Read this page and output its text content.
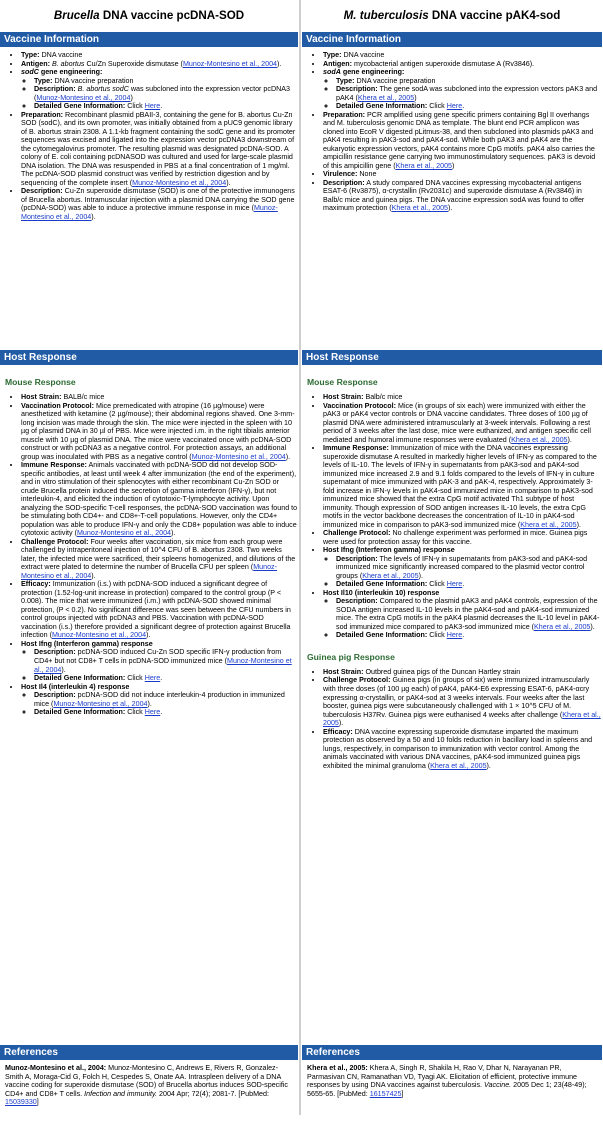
Brucella DNA vaccine pcDNA-SOD
Vaccine Information
• Type: DNA vaccine
• Antigen: B. abortus Cu/Zn Superoxide dismutase (Munoz-Montesino et al., 2004).
• sodC gene engineering:
◦ Type: DNA vaccine preparation
◦ Description: B. abortus sodC was subcloned into the expression vector pcDNA3 (Munoz-Montesino et al., 2004)
◦ Detailed Gene Information: Click Here.
• Preparation: Recombinant plasmid pBAII-3, containing the gene for B. abortus Cu-Zn SOD (sodC), and its own promoter, was initially obtained from a pUC9 genomic library of B. abortus strain 2308. A 1.1-kb fragment containing the sodC gene and its promoter sequences was excised and ligated into the expression vector pcDNA3 downstream of the cytomegalovirus promoter. The resulting plasmid was designated pcDNA-SOD. A colony of E. coli containing pcDNASOD was cultured and used for large-scale plasmid DNA isolation. The DNA was resuspended in PBS at a final concentration of 1 mg/ml. The pcDNA-SOD plasmid construct was verified by restriction digestion and by sequencing of the complete insert (Munoz-Montesino et al., 2004).
• Description: Cu-Zn superoxide dismutase (SOD) is one of the protective immunogens of Brucella abortus. Intramuscular injection with a plasmid DNA carrying the SOD gene (pcDNA-SOD) was able to induce a protective immune response in mice (Munoz-Montesino et al., 2004).
Host Response
Mouse Response
• Host Strain: BALB/c mice
• Vaccination Protocol: Mice premedicated with atropine (16 µg/mouse) were anesthetized with ketamine (2 µg/mouse); their abdominal regions shaved. One 3-mm-long incision was made through the skin. The mice were injected in the spleen with 10 µg of plasmid DNA in 30 µl of PBS. Mice were injected i.m. in the right tibialis anterior muscle with 10 µg of plasmid DNA. The mice were vaccinated once with pcDNA-SOD construct or with pcDNA3 as a negative control. For protection assays, an additional group was inoculated with PBS as a negative control (Munoz-Montesino et al., 2004).
• Immune Response: Animals vaccinated with pcDNA-SOD did not develop SOD-specific antibodies, at least until week 4 after immunization (the end of the experiment), and in vitro stimulation of their splenocytes with either recombinant Cu-Zn SOD or crude Brucella protein induced the secretion of gamma interferon (IFN-γ), but not interleukin-4, and elicited the induction of cytotoxic-T-lymphocyte activity. Upon analyzing the SOD-specific T-cell responses, the pcDNA-SOD vaccination was found to be stimulating both CD4+- and CD8+-T-cell populations. However, only the CD4+ population was able to produce IFN-γ and only the CD8+ population was able to induce cytotoxic activity (Munoz-Montesino et al., 2004).
• Challenge Protocol: Four weeks after vaccination, six mice from each group were challenged by intraperitoneal injection of 10^4 CFU of B. abortus 2308. Two weeks later, the infected mice were sacrificed, their spleens homogenized, and dilutions of the extract were plated to determine the number of Brucella CFU per spleen (Munoz-Montesino et al., 2004).
• Efficacy: Immunization (i.s.) with pcDNA-SOD induced a significant degree of protection (1.52-log-unit increase in protection) compared to the control group (P < 0.008). The mice that were immunized (i.m.) with pcDNA-SOD showed minimal protection, (P < 0.2). No significant difference was seen between the CFU numbers in control groups injected with pcDNA3 and PBS. Vaccination with pcDNA-SOD vaccination (i.s.) therefore provided a significant degree of protection against Brucella infection (Munoz-Montesino et al., 2004).
• Host Ifng (Interferon gamma) response
◦ Description: pcDNA-SOD induced Cu-Zn SOD specific IFN-γ production from CD4+ but not CD8+ T cells in pcDNA-SOD immunized mice (Munoz-Montesino et al., 2004).
◦ Detailed Gene Information: Click Here.
• Host Il4 (interleukin 4) response
◦ Description: pcDNA-SOD did not induce interleukin-4 production in immunized mice (Munoz-Montesino et al., 2004).
◦ Detailed Gene Information: Click Here.
References
Munoz-Montesino et al., 2004: Munoz-Montesino C, Andrews E, Rivers R, Gonzalez-Smith A, Moraga-Cid G, Folch H, Cespedes S, Onate AA. Intraspleen delivery of a DNA vaccine coding for superoxide dismutase (SOD) of Brucella abortus induces SOD-specific CD4+ and CD8+ T cells. Infection and immunity. 2004 Apr; 72(4); 2081-7. [PubMed: 15039330]
M. tuberculosis DNA vaccine pAK4-sod
Vaccine Information
• Type: DNA vaccine
• Antigen: mycobacterial antigen superoxide dismutase A (Rv3846).
• sodA gene engineering:
◦ Type: DNA vaccine preparation
◦ Description: The gene sodA was subcloned into the expression vectors pAK3 and pAK4 (Khera et al., 2005)
◦ Detailed Gene Information: Click Here.
• Preparation: PCR amplified using gene specific primers containing Bgl II overhangs and M. tuberculosis genomic DNA as template. The blunt end PCR amplicon was cloned into EcoR V digested pLitmus-38, and then subcloned into plasmids pAK3 and pAK4 resulting in pAK3-sod and pAK4-sod. While both pAK3 and pAK4 are the eukaryotic expression vectors, pAK4 contains more CpG motifs. pAK4 also carries the ampicillin resistance gene carrying two immunostimulatory sequences. pAK3 is devoid of this ampicillin gene (Khera et al., 2005)
• Virulence: None
• Description: A study compared DNA vaccines expressing mycobacterial antigens ESAT-6 (Rv3875), α-crystallin (Rv2031c) and superoxide dismutase A (Rv3846) in Balb/c mice and guinea pigs. The DNA vaccine expression sodA was found to offer maximum protection (Khera et al., 2005).
Host Response
Mouse Response
• Host Strain: Balb/c mice
• Vaccination Protocol: Mice (in groups of six each) were immunized with either the pAK3 or pAK4 vector controls or DNA vaccine candidates. Three doses of 100 µg of plasmid DNA were administered intramuscularly at 3-week intervals. Following a rest period of 3 weeks after the last dose, mice were euthanized, and antigen specific cell mediated and humoral immune responses were evaluated (Khera et al., 2005).
• Immune Response: Immunization of mice with the DNA vaccines expressing superoxide dismutase A resulted in markedly higher levels of IFN-γ as compared to the levels of IL-10. The levels of IFN-γ in supernatants from pAK3-sod and pAK4-sod immunized mice increased 2.9 and 9.1 folds compared to the levels of IFN-γ in culture supernatant of mice immunized with pAK-3 and pAK-4, respectively. Approximately 3-fold increase in IFN-γ levels in pAK4-sod immunized mice in comparison to pAK3-sod immunized mice showed that the extra CpG motif activated Th1 subtype of host immunity. Though expression of SOD antigen increases IL-10 levels, the extra CpG motifs in the vector backbone decreases the concentration of IL-10 in pAK4-sod immunized mice in comparison to pAK3-sod immunized mice (Khera et al., 2005).
• Challenge Protocol: No challenge experiment was performed in mice. Guinea pigs were used for protection assay for this vaccine.
• Host Ifng (Interferon gamma) response
◦ Description: The levels of IFN-γ in supernatants from pAK3-sod and pAK4-sod immunized mice significantly increased compared to the plasmid vector control groups (Khera et al., 2005).
◦ Detailed Gene Information: Click Here.
• Host Il10 (interleukin 10) response
◦ Description: Compared to the plasmid pAK3 and pAK4 controls, expression of the SODA antigen increased IL-10 levels in the pAK4-sod and pAK4-sod immunized mice. The extra CpG motifs in the pAK4 plasmid decreases the IL-10 level in pAK4-sod immunized mice compared to pAK3-sod immunized mice (Khera et al., 2005).
◦ Detailed Gene Information: Click Here.
Guinea pig Response
• Host Strain: Outbred guinea pigs of the Duncan Hartley strain
• Challenge Protocol: Guinea pigs (in groups of six) were immunized intramuscularly with three doses (of 100 µg each) of pAK4, pAK4-E6 expressing ESAT-6, pAK4-αcry expressing α-crystallin, or pAK4-sod at 3 weeks intervals. Four weeks after the last booster, guinea pigs were subcutaneously challenged with 1 × 10^5 CFU of M. tuberculosis H37Rv. Guinea pigs were euthanised 4 weeks after challenge (Khera et al., 2005).
• Efficacy: DNA vaccine expressing superoxide dismutase imparted the maximum protection as observed by a 50 and 10 folds reduction in bacillary load in spleens and lungs, respectively, in comparison to immunization with vector control. Among the animals vaccinated with various DNA vaccines, pAK4-sod immunized guinea pigs exhibited the minimal granuloma (Khera et al., 2005).
References
Khera et al., 2005: Khera A, Singh R, Shakila H, Rao V, Dhar N, Narayanan PR, Parmasivan CN, Ramanathan VD, Tyagi AK. Elicitation of efficient, protective immune responses by using DNA vaccines against tuberculosis. Vaccine. 2005 Dec 1; 23(48-49); 5655-65. [PubMed: 16157425]
